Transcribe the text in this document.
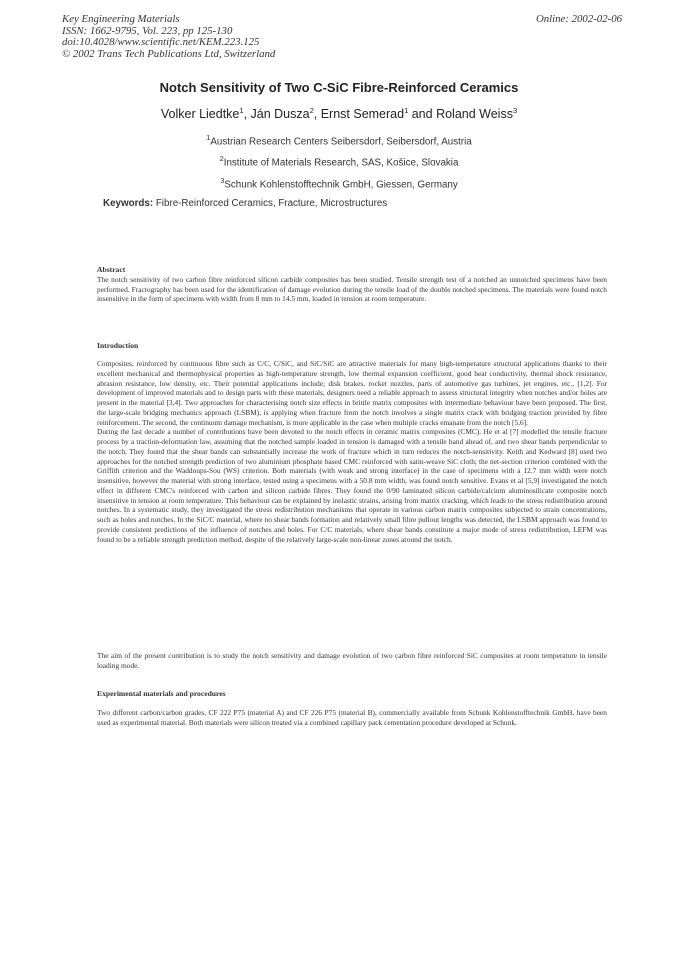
Key Engineering Materials
ISSN: 1662-9795, Vol. 223, pp 125-130
doi:10.4028/www.scientific.net/KEM.223.125
© 2002 Trans Tech Publications Ltd, Switzerland
Online: 2002-02-06
Notch Sensitivity of Two C-SiC Fibre-Reinforced Ceramics
Volker Liedtke$^1$, Ján Dusza$^2$, Ernst Semerad$^1$ and Roland Weiss$^3$
$^1$Austrian Research Centers Seibersdorf, Seibersdorf, Austria
$^2$Institute of Materials Research, SAS, Košice, Slovakia
$^3$Schunk Kohlenstofftechnik GmbH, Giessen, Germany
Keywords: Fibre-Reinforced Ceramics, Fracture, Microstructures
Abstract

The notch sensitivity of two carbon fibre reinforced silicon carbide composites has been studied. Tensile strength test of a notched an unnotched specimens have been performed. Fractography has been used for the identification of damage evolution during the tensile load of the double notched specimens. The materials were found notch insensitive in the form of specimens with width from 8 mm to 14.5 mm, loaded in tension at room temperature.

Introduction

Composites, reinforced by continuous fibre such as C/C, C/SiC, and SiC/SiC are attractive materials for many high-temperature structural applications thanks to their excellent mechanical and thermophysical properties as high-temperature strength, low thermal expansion coefficient, good heat conductivity, thermal shock resistance, abrasion resistance, low density, etc. Their potential applications include; disk brakes, rocket nozzles, parts of automotive gas turbines, jet engines, etc., [1,2]. For development of improved materials and to design parts with these materials, designers need a reliable approach to assess structural integrity when notches and/or holes are present in the material [3,4]. Two approaches for characterising notch size effects in brittle matrix composites with intermediate behaviour have been proposed. The first, the large-scale bridging mechanics approach (LSBM), is applying when fracture from the notch involves a single matrix crack with bridging traction provided by fibre reinforcement. The second, the continuum damage mechanism, is more applicable in the case when multiple cracks emanate from the notch [5,6].

During the last decade a number of contributions have been devoted to the notch effects in ceramic matrix composites (CMC). He et al [7] modelled the tensile fracture process by a traction-deformation law, assuming that the notched sample loaded in tension is damaged with a tensile band ahead of, and two shear bands perpendicular to the notch. They found that the shear bands can substantially increase the work of fracture which in turn reduces the notch-sensitivity. Keith and Kedward [8] used two approaches for the notched strength prediction of two aluminium phosphate based CMC reinforced with satin-weave SiC cloth; the net-section criterion combined with the Griffith criterion and the Waddoups-Sou (WS) criterion. Both materials (with weak and strong interface) in the case of specimens with a 12.7 mm width were notch insensitive, however the material with strong interface, tested using a specimens with a 50.8 mm width, was found notch sensitive. Evans et al [5,9] investigated the notch effect in different CMC's reinforced with carbon and silicon carbide fibres. They found the 0/90 laminated silicon carbide/calcium aluminosilicate composite notch insensitive in tension at room temperature. This behaviour can be explained by inelastic strains, arising from matrix cracking, which leads to the stress redistribution around notches. In a systematic study, they investigated the stress redistribution mechanisms that operate in various carbon matrix composites subjected to strain concentrations, such as holes and notches. In the SiC/C material, where no shear bands formation and relatively small fibre pullout lengths was detected, the LSBM approach was found to provide consistent predictions of the influence of notches and holes. For C/C materials, where shear bands constitute a major mode of stress redistribution, LEFM was found to be a reliable strength prediction method, despite of the relatively large-scale non-linear zones around the notch.

The aim of the present contribution is to study the notch sensitivity and damage evolution of two carbon fibre reinforced SiC composites at room temperature in tensile loading mode.

Experimental materials and procedures

Two different carbon/carbon grades, CF 222 P75 (material A) and CF 226 P75 (material B), commercially available from Schunk Kohlenstofftechnik GmbH, have been used as experimental material. Both materials were silicon treated via a combined capillary pack cementation procedure developed at Schunk.
